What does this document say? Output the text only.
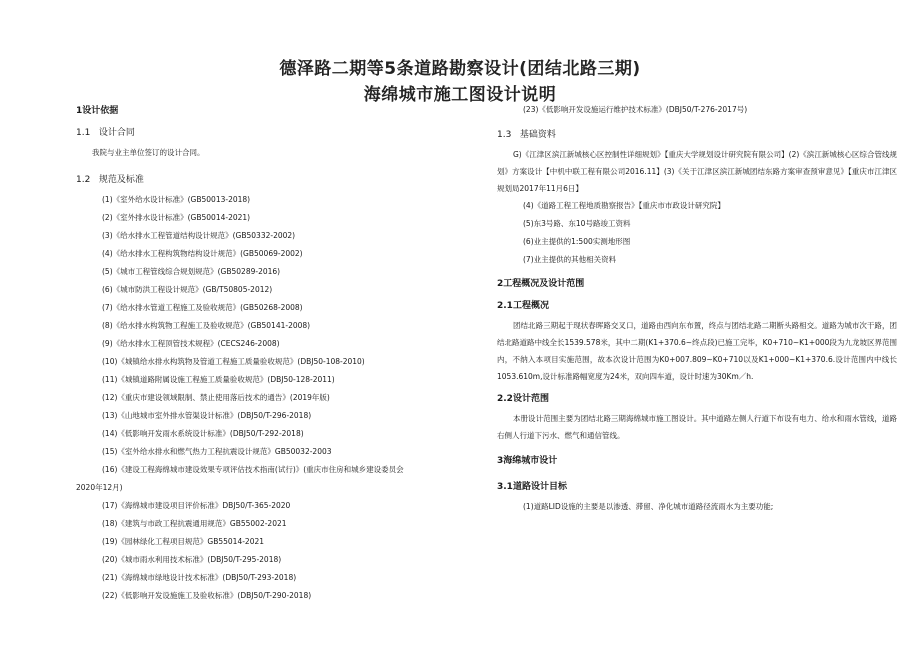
德泽路二期等5条道路勘察设计(团结北路三期)
海绵城市施工图设计说明
1设计依据
1.1 设计合同
我院与业主单位签订的设计合同。
1.2 规范及标准
(1)《室外给水设计标准》(GB50013-2018)
(2)《室外排水设计标准》(GB50014-2021)
(3)《给水排水工程管道结构设计规范》(GB50332-2002)
(4)《给水排水工程构筑物结构设计规范》(GB50069-2002)
(5)《城市工程管线综合规划规范》(GB50289-2016)
(6)《城市防洪工程设计规范》(GB/T50805-2012)
(7)《给水排水管道工程施工及验收规范》(GB50268-2008)
(8)《给水排水构筑物工程施工及验收规范》(GB50141-2008)
(9)《给水排水工程顶管技术规程》(CECS246-2008)
(10)《城镇给水排水构筑物及管道工程施工质量验收规范》(DBJ50-108-2010)
(11)《城镇道路附属设施工程施工质量验收规范》(DBJ50-128-2011)
(12)《重庆市建设领域限制、禁止使用落后技术的通告》(2019年版)
(13)《山地城市室外排水管渠设计标准》(DBJ50/T-296-2018)
(14)《低影响开发雨水系统设计标准》(DBJ50/T-292-2018)
(15)《室外给水排水和燃气热力工程抗震设计规范》GB50032-2003
(16)《建设工程海绵城市建设效果专项评估技术指南(试行)》(重庆市住房和城乡建设委员会
2020年12月)
(17)《海绵城市建设项目评价标准》DBJ50/T-365-2020
(18)《建筑与市政工程抗震通用规范》GB55002-2021
(19)《园林绿化工程项目规范》GB55014-2021
(20)《城市雨水利用技术标准》(DBJ50/T-295-2018)
(21)《海绵城市绿地设计技术标准》(DBJ50/T-293-2018)
(22)《低影响开发设施施工及验收标准》(DBJ50/T-290-2018)
(23)《低影响开发设施运行维护技术标准》(DBJ50/T-276-2017号)
1.3 基础资料
G)《江津区滨江新城核心区控制性详细规划》【重庆大学规划设计研究院有限公司】(2)《滨江新城核心区综合管线规划》方案设计【中机中联工程有限公司2016.11】(3)《关于江津区滨江新城团结东路方案审查预审意见》【重庆市江津区规划局2017年11月6日】
(4)《道路工程工程地质勘察报告》【重庆市市政设计研究院】
(5)东3号路、东10号路竣工资料
(6)业主提供的1:500实测地形图
(7)业主提供的其他相关资料
2工程概况及设计范围
2.1工程概况
团结北路三期起于现状春晖路交叉口，道路由西向东布置，终点与团结北路二期断头路相交。道路为城市次干路，团结北路道路中线全长1539.578米，其中二期(K1+370.6~终点段)已施工完毕，K0+710~K1+000段为九龙坡区界范围内，不纳入本项目实施范围，故本次设计范围为K0+007.809~K0+710以及K1+000~K1+370.6.设计范围内中线长1053.610m,设计标准路幅宽度为24米，双向四车道，设计时速为30Km／h.
2.2设计范围
本册设计范围主要为团结北路三期海绵城市施工图设计。其中道路左侧人行道下布设有电力、给水和雨水管线，道路右侧人行道下污水、燃气和通信管线。
3海绵城市设计
3.1道路设计目标
(1)道路LID设施的主要是以渗透、滞留、净化城市道路径流雨水为主要功能;
